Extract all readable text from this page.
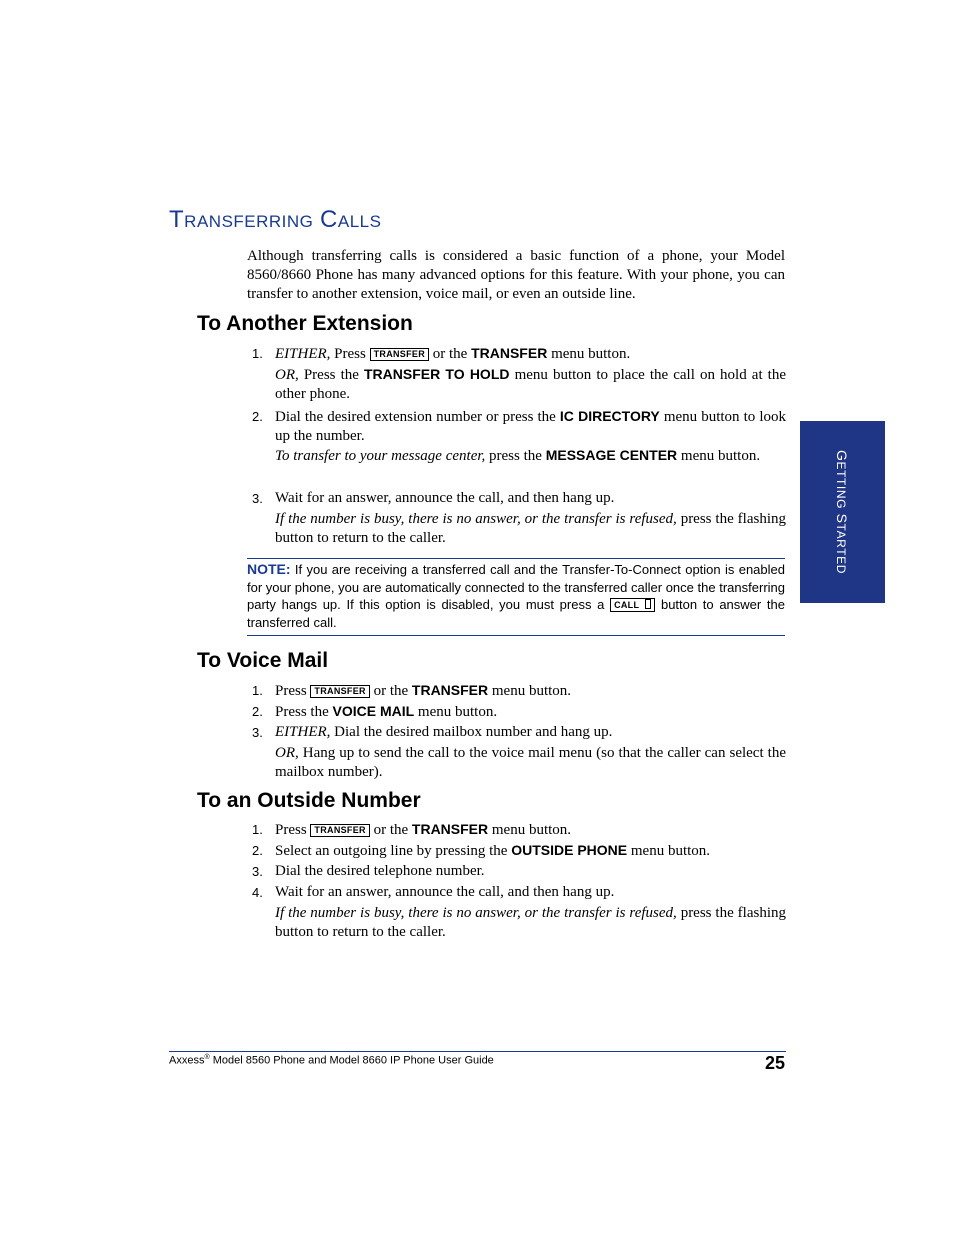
TRANSFERRING CALLS

Although transferring calls is considered a basic function of a phone, your Model 8560/8660 Phone has many advanced options for this feature. With your phone, you can transfer to another extension, voice mail, or even an outside line.

To Another Extension
1. EITHER, Press TRANSFER or the TRANSFER menu button.

OR, Press the TRANSFER TO HOLD menu button to place the call on hold at the other phone.

2. Dial the desired extension number or press the IC DIRECTORY menu button to look up the number.

To transfer to your message center, press the MESSAGE CENTER menu button.

3. Wait for an answer, announce the call, and then hang up.

If the number is busy, there is no answer, or the transfer is refused, press the flashing button to return to the caller.

NOTE: If you are receiving a transferred call and the Transfer-To-Connect option is enabled for your phone, you are automatically connected to the transferred caller once the transferring party hangs up. If this option is disabled, you must press a CALL button to answer the transferred call.

To Voice Mail
1. Press TRANSFER or the TRANSFER menu button.
2. Press the VOICE MAIL menu button.
3. EITHER, Dial the desired mailbox number and hang up.

OR, Hang up to send the call to the voice mail menu (so that the caller can select the mailbox number).

To an Outside Number
1. Press TRANSFER or the TRANSFER menu button.
2. Select an outgoing line by pressing the OUTSIDE PHONE menu button.
3. Dial the desired telephone number.
4. Wait for an answer, announce the call, and then hang up.

If the number is busy, there is no answer, or the transfer is refused, press the flashing button to return to the caller.

GETTING STARTED
Axxess® Model 8560 Phone and Model 8660 IP Phone User Guide	25
